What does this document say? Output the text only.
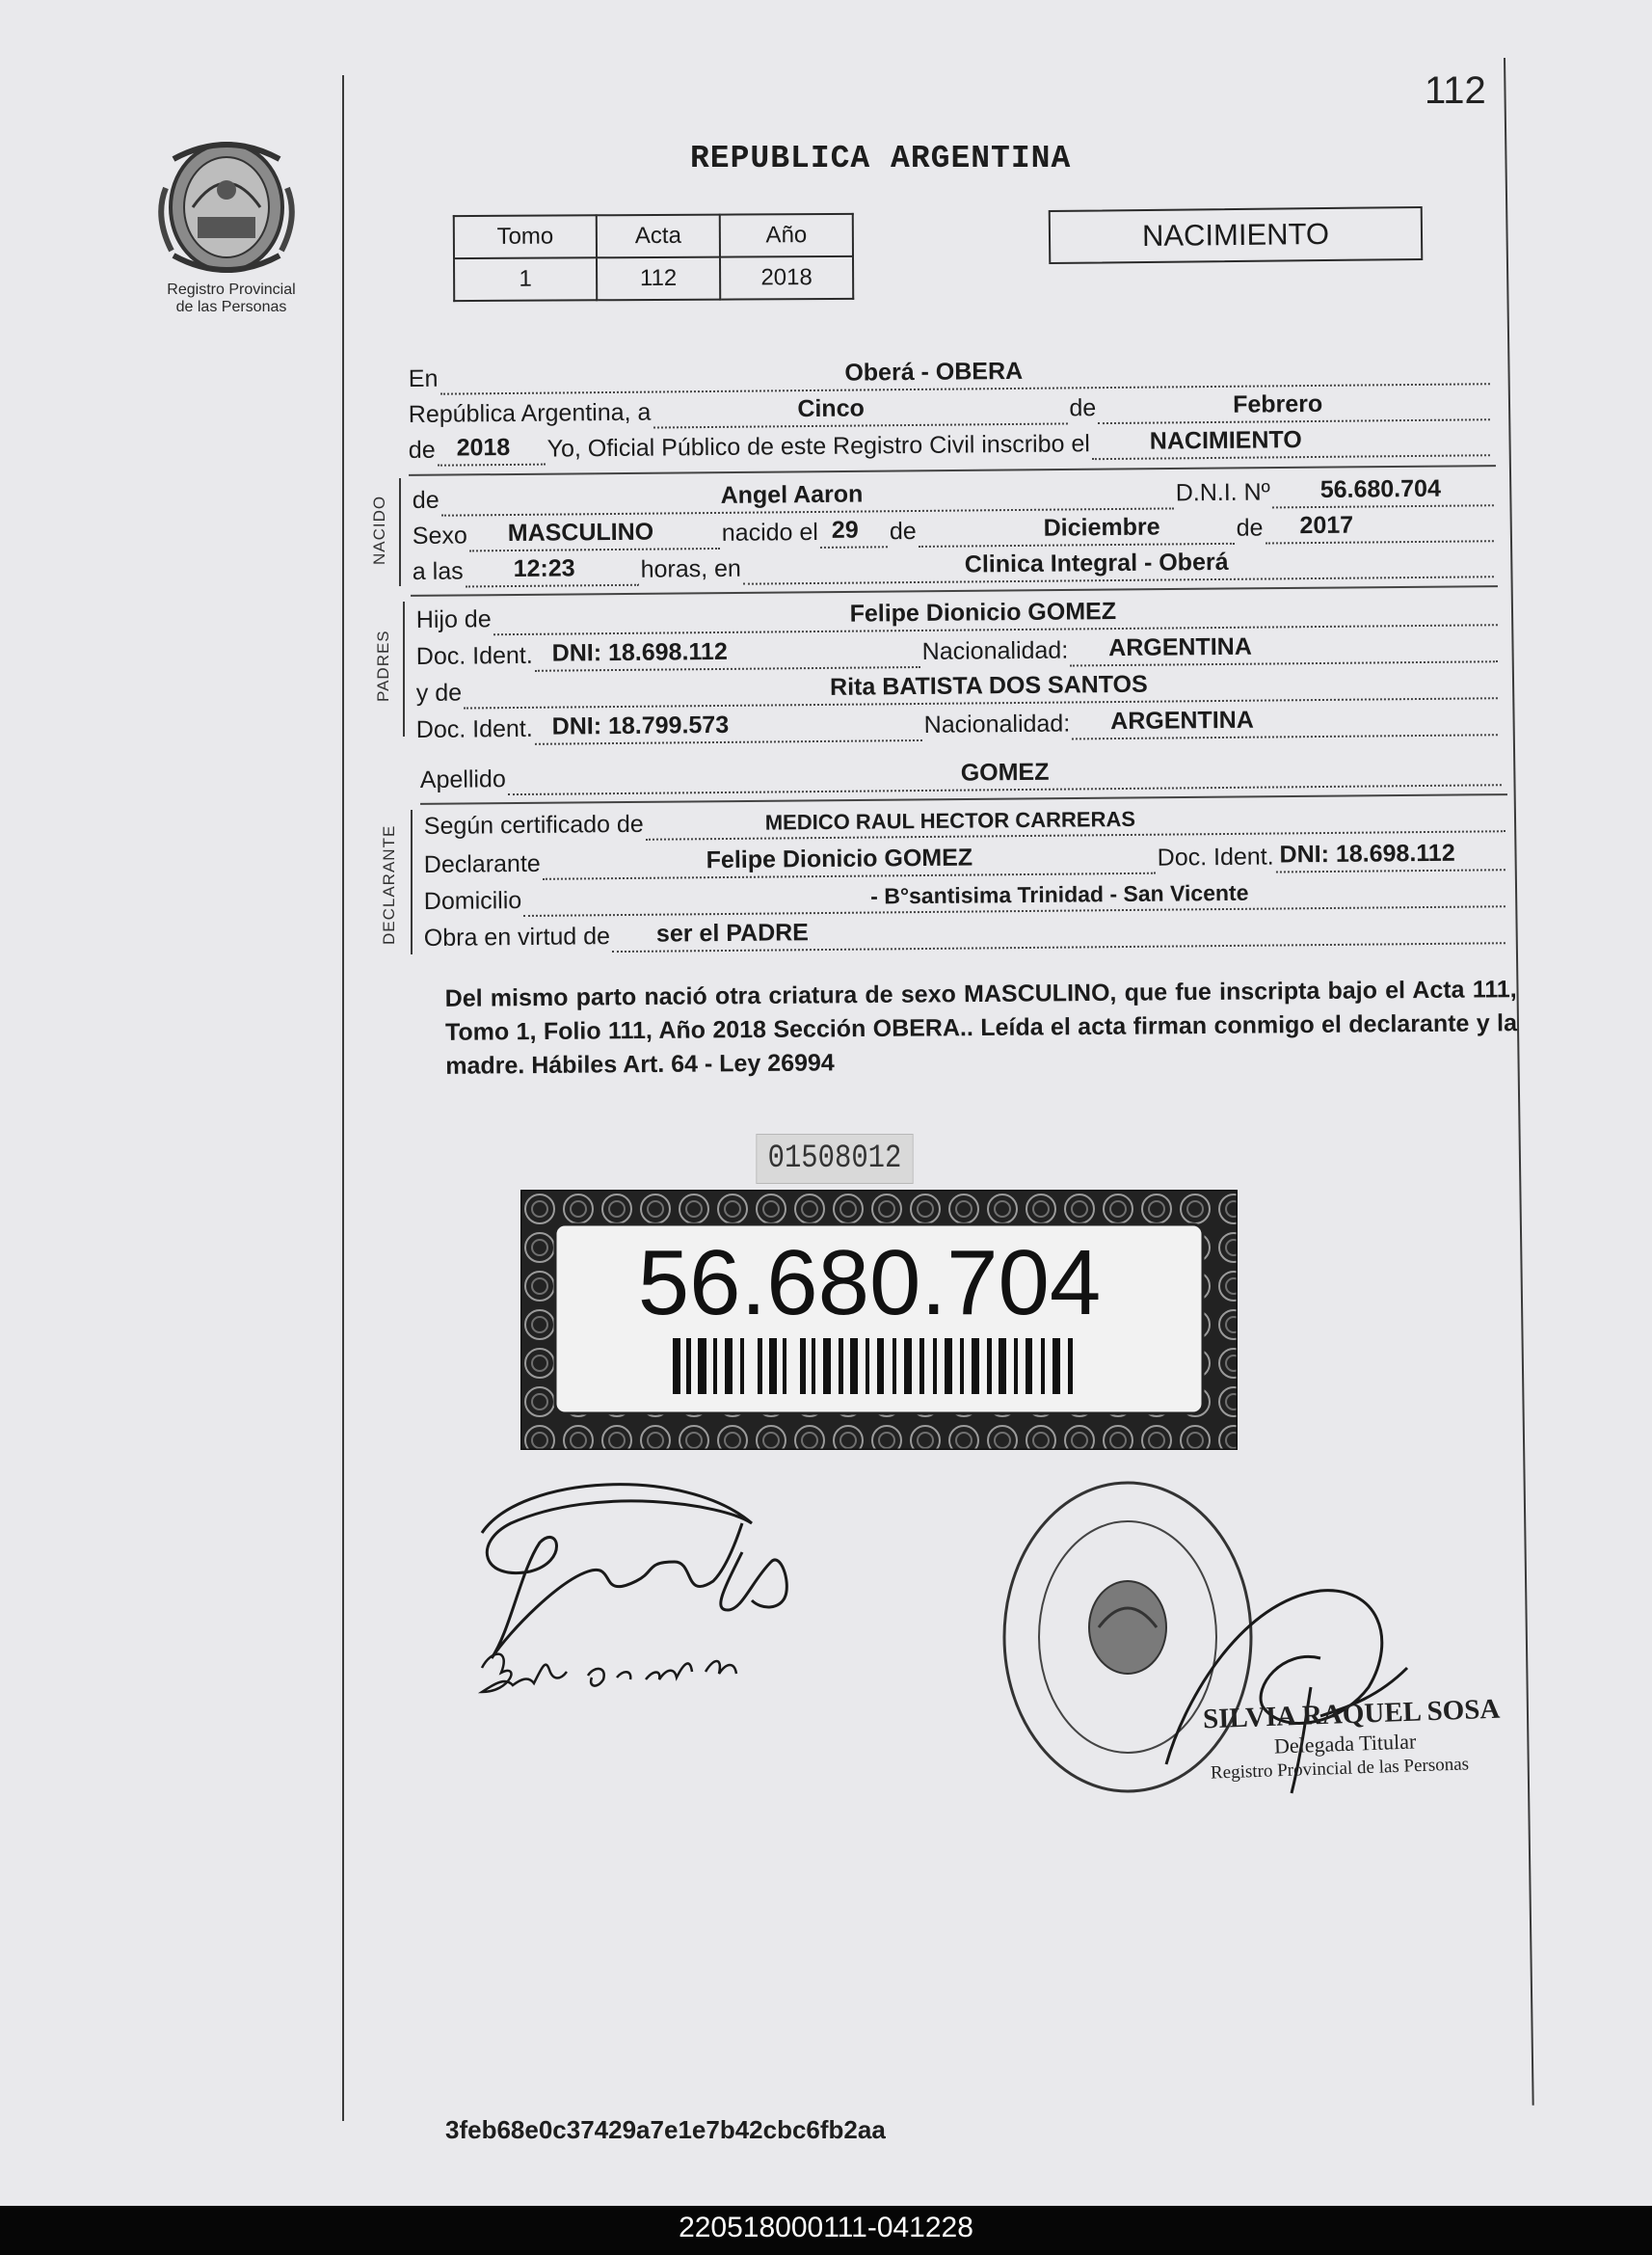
Registro Provincial
de las Personas
112
REPUBLICA ARGENTINA
Tomo	Acta	Año
1	112	2018
NACIMIENTO
En	Oberá - OBERA
República Argentina, a	Cinco	de	Febrero
de 2018 Yo, Oficial Público de este Registro Civil inscribo el NACIMIENTO
NACIDO de	Angel Aaron	D.N.I. Nº 56.680.704
Sexo MASCULINO	nacido el 29 de	Diciembre	de 2017
a las 12:23	horas, en	Clinica Integral - Oberá
PADRES
Hijo de	Felipe Dionicio GOMEZ
Doc. Ident. DNI: 18.698.112	Nacionalidad: ARGENTINA
y de	Rita BATISTA DOS SANTOS
Doc. Ident. DNI: 18.799.573	Nacionalidad: ARGENTINA
Apellido	GOMEZ
DECLARANTE Según certificado de	MEDICO RAUL HECTOR CARRERAS
Declarante	Felipe Dionicio GOMEZ	Doc. Ident. DNI: 18.698.112
Domicilio	- B°santisima Trinidad - San Vicente
Obra en virtud de ser el PADRE
Del mismo parto nació otra criatura de sexo MASCULINO, que fue inscripta bajo el Acta 111, Tomo 1, Folio 111, Año 2018 Sección OBERA.. Leída el acta firman conmigo el declarante y la madre. Hábiles Art. 64 - Ley 26994
01508012
56.680.704
SILVIA RAQUEL SOSA
Delegada Titular
Registro Provincial de las Personas
3feb68e0c37429a7e1e7b42cbc6fb2aa
220518000111-041228
